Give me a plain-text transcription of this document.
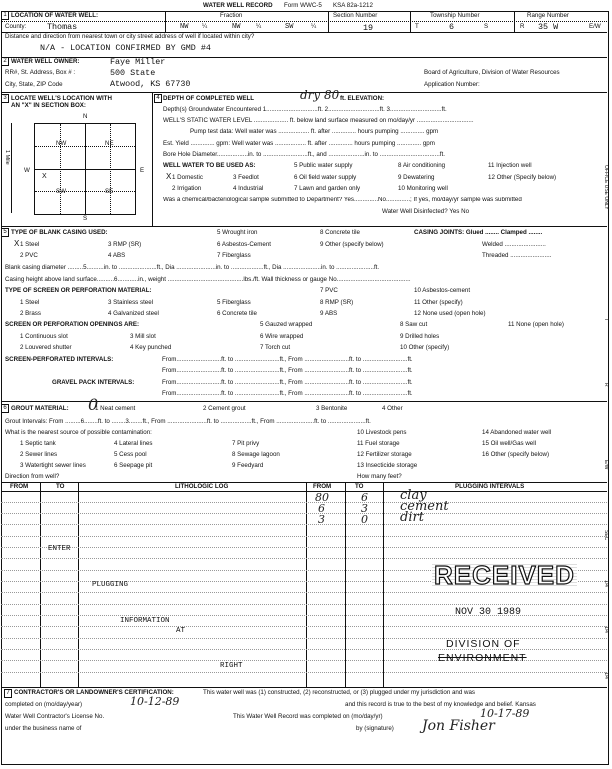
WATER WELL RECORD Form WWC-5 KSA 82a-1212
1 LOCATION OF WATER WELL:	Fraction	Section Number	Township Number	Range Number
County: Thomas	NW ¼	NW	¼	SW	¼	19	T	6	S	R 35 W	E/W
Distance and direction from nearest town or city street address of well if located within city?
N/A - LOCATION CONFIRMED BY GMD #4
2 WATER WELL OWNER:	Faye Miller
RR#, St. Address, Box # :	500 State	Board of Agriculture, Division of Water Resources
City, State, ZIP Code	Atwood, KS 67730	Application Number:
3 LOCATE WELL'S LOCATION WITH
AN "X" IN SECTION BOX:
N
S
W	E
1 Mile
NW	NE
SW	SE
X
4 DEPTH OF COMPLETED WELL	dry 80 ft. ELEVATION:
Depth(s) Groundwater Encountered 1..............................ft. 2..............................ft. 3..............................ft.
WELL'S STATIC WATER LEVEL .................... ft. below land surface measured on mo/day/yr .................................
Pump test data: Well water was .................. ft. after .............. hours pumping .............. gpm
Est. Yield .............. gpm: Well water was .................. ft. after .............. hours pumping .............. gpm
Bore Hole Diameter..................in. to ..........................ft., and .....................in. to ...................................ft.
WELL WATER TO BE USED AS:	5 Public water supply	8 Air conditioning	11 Injection well
1 Domestic
X	3 Feedlot	6 Oil field water supply	9 Dewatering	12 Other (Specify below)
2 Irrigation	4 Industrial	7 Lawn and garden only	10 Monitoring well
Was a chemical/bacteriological sample submitted to Department? Yes..............No..............; If yes, mo/day/yr sample was submitted
Water Well Disinfected? Yes No
5 TYPE OF BLANK CASING USED:	5 Wrought iron	8 Concrete tile	CASING JOINTS: Glued ........ Clamped ........
1 Steel
X	3 RMP (SR)	6 Asbestos-Cement	9 Other (specify below)	Welded ........................
2 PVC	4 ABS	7 Fiberglass	Threaded ........................
Blank casing diameter .........5..........in. to ......................ft., Dia .......................in. to ...................ft., Dia ......................in. to ......................ft.
Casing height above land surface..........6............in., weight ............................................lbs./ft. Wall thickness or gauge No...........................................
TYPE OF SCREEN OR PERFORATION MATERIAL:	7 PVC	10 Asbestos-cement
1 Steel	3 Stainless steel	5 Fiberglass	8 RMP (SR)	11 Other (specify)
2 Brass	4 Galvanized steel	6 Concrete tile	9 ABS	12 None used (open hole)
SCREEN OR PERFORATION OPENINGS ARE:	5 Gauzed wrapped	8 Saw cut	11 None (open hole)
1 Continuous slot	3 Mill slot	6 Wire wrapped	9 Drilled holes
2 Louvered shutter	4 Key punched	7 Torch cut	10 Other (specify)
SCREEN-PERFORATED INTERVALS:	From..........................ft. to ..........................ft., From ..........................ft. to ..........................ft.
From..........................ft. to ..........................ft., From ..........................ft. to ..........................ft.
GRAVEL PACK INTERVALS:	From..........................ft. to ..........................ft., From ..........................ft. to ..........................ft.
From..........................ft. to ..........................ft., From ..........................ft. to ..........................ft.
6 GROUT MATERIAL: 0
1 Neat cement	2 Cement grout	3 Bentonite	4 Other
Grout Intervals: From .........6........ft. to ........3........ft., From .......................ft. to ..................ft., From ......................ft. to ......................ft.
What is the nearest source of possible contamination:	10 Livestock pens	14 Abandoned water well
1 Septic tank	4 Lateral lines	7 Pit privy	11 Fuel storage	15 Oil well/Gas well
2 Sewer lines	5 Cess pool	8 Sewage lagoon	12 Fertilizer storage	16 Other (specify below)
3 Watertight sewer lines	6 Seepage pit	9 Feedyard	13 Insecticide storage
Direction from well?	How many feet?
FROM	TO	LITHOLOGIC LOG	FROM	TO	PLUGGING INTERVALS
ENTER
PLUGGING
INFORMATION
AT
RIGHT
80	6 clay
6	3 cement
3	0 dirt
RECEIVED
NOV 30 1989
DIVISION OF
ENVIRONMENT
7 CONTRACTOR'S OR LANDOWNER'S CERTIFICATION:	This water well was (1) constructed, (2) reconstructed, or (3) plugged under my jurisdiction and was
completed on (mo/day/year)	10-12-89	and this record is true to the best of my knowledge and belief. Kansas
Water Well Contractor's License No.	This Water Well Record was completed on (mo/day/yr)	10-17-89
under the business name of	by (signature) Jon Fisher
OFFICE USE ONLY
T
R
E/W
SEC
1/4
1/4
1/4
